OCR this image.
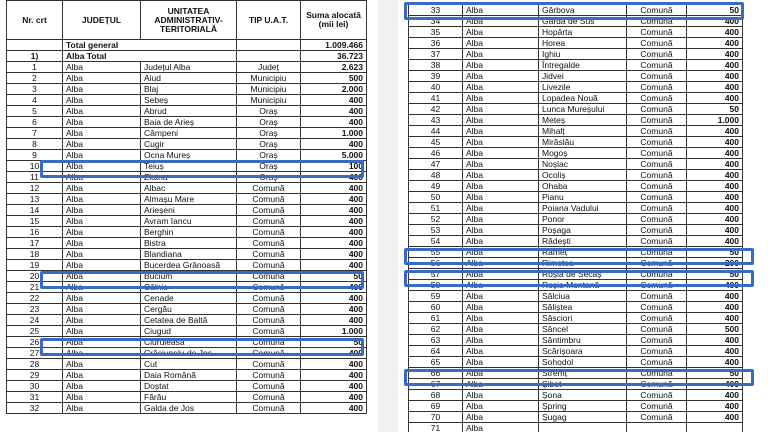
Nr. crt	JUDEȚUL	UNITATEA ADMINISTRATIV-TERITORIALĂ	TIP U.A.T.	Suma alocată (mii lei)
	Total general			1.009.466
1)	Alba Total			36.723
1	Alba	Județul Alba	Județ	2.623
2	Alba	Aiud	Municipiu	500
3	Alba	Blaj	Municipiu	2.000
4	Alba	Sebeș	Municipiu	400
5	Alba	Abrud	Oraș	400
6	Alba	Baia de Arieș	Oraș	400
7	Alba	Câmpeni	Oraș	1.000
8	Alba	Cugir	Oraș	400
9	Alba	Ocna Mureș	Oraș	5.000
10	Alba	Teiuș	Oraș	100
11	Alba	Zlatna	Oraș	400
12	Alba	Albac	Comună	400
13	Alba	Almașu Mare	Comună	400
14	Alba	Arieșeni	Comună	400
15	Alba	Avram Iancu	Comună	400
16	Alba	Berghin	Comună	400
17	Alba	Bistra	Comună	400
18	Alba	Blandiana	Comună	400
19	Alba	Bucerdea Grânoasă	Comună	400
20	Alba	Bucium	Comună	50
21	Alba	Câlnic	Comună	400
22	Alba	Cenade	Comună	400
23	Alba	Cergău	Comună	400
24	Alba	Cetatea de Baltă	Comună	400
25	Alba	Ciugud	Comună	1.000
26	Alba	Ciuruleasa	Comună	50
27	Alba	Crăciunelu de Jos	Comună	400
28	Alba	Cut	Comună	400
29	Alba	Daia Română	Comună	400
30	Alba	Doștat	Comună	400
31	Alba	Fărău	Comună	400
32	Alba	Galda de Jos	Comună	400
33	Alba	Gârbova	Comună	50
34	Alba	Gârda de Sus	Comună	400
35	Alba	Hopârta	Comună	400
36	Alba	Horea	Comună	400
37	Alba	Ighiu	Comună	400
38	Alba	Întregalde	Comună	400
39	Alba	Jidvei	Comună	400
40	Alba	Livezile	Comună	400
41	Alba	Lopadea Nouă	Comună	400
42	Alba	Lunca Mureșului	Comună	50
43	Alba	Meteș	Comună	1.000
44	Alba	Mihalț	Comună	400
45	Alba	Mirăslău	Comună	400
46	Alba	Mogoș	Comună	400
47	Alba	Noșlac	Comună	400
48	Alba	Ocoliș	Comună	400
49	Alba	Ohaba	Comună	400
50	Alba	Pianu	Comună	400
51	Alba	Poiana Vadului	Comună	400
52	Alba	Ponor	Comună	400
53	Alba	Poșaga	Comună	400
54	Alba	Rădești	Comună	400
55	Alba	Râmeț	Comună	50
56	Alba	Rimetea	Comună	200
57	Alba	Roșia de Secaș	Comună	50
58	Alba	Roșia Montană	Comună	400
59	Alba	Sălciua	Comună	400
60	Alba	Săliștea	Comună	400
61	Alba	Săsciori	Comună	400
62	Alba	Sâncel	Comună	500
63	Alba	Sântimbru	Comună	400
64	Alba	Scărișoara	Comună	400
65	Alba	Sohodol	Comună	400
66	Alba	Stremț	Comună	50
67	Alba	Șibot	Comună	400
68	Alba	Șona	Comună	400
69	Alba	Șpring	Comună	400
70	Alba	Șugag	Comună	400
71	Alba			
